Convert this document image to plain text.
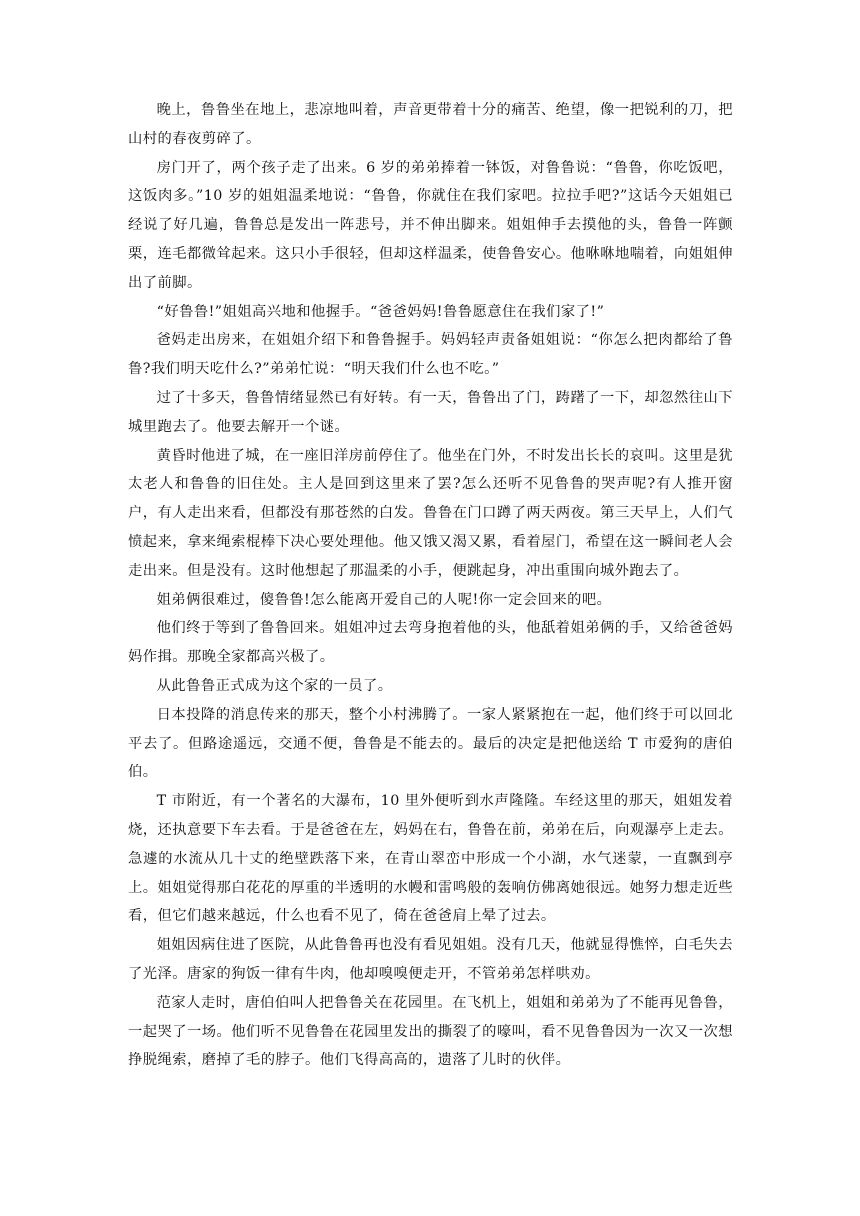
晚上，鲁鲁坐在地上，悲凉地叫着，声音更带着十分的痛苦、绝望，像一把锐利的刀，把山村的春夜剪碎了。

房门开了，两个孩子走了出来。6 岁的弟弟捧着一钵饭，对鲁鲁说：“鲁鲁，你吃饭吧，这饭肉多。”10 岁的姐姐温柔地说：“鲁鲁，你就住在我们家吧。拉拉手吧?”这话今天姐姐已经说了好几遍，鲁鲁总是发出一阵悲号，并不伸出脚来。姐姐伸手去摸他的头，鲁鲁一阵颤栗，连毛都微耸起来。这只小手很轻，但却这样温柔，使鲁鲁安心。他咻咻地喘着，向姐姐伸出了前脚。

“好鲁鲁!”姐姐高兴地和他握手。“爸爸妈妈!鲁鲁愿意住在我们家了!”

爸妈走出房来，在姐姐介绍下和鲁鲁握手。妈妈轻声责备姐姐说：“你怎么把肉都给了鲁鲁?我们明天吃什么?”弟弟忙说：“明天我们什么也不吃。”

过了十多天，鲁鲁情绪显然已有好转。有一天，鲁鲁出了门，踌躇了一下，却忽然往山下城里跑去了。他要去解开一个谜。

黄昏时他进了城，在一座旧洋房前停住了。他坐在门外，不时发出长长的哀叫。这里是犹太老人和鲁鲁的旧住处。主人是回到这里来了罢?怎么还听不见鲁鲁的哭声呢?有人推开窗户，有人走出来看，但都没有那苍然的白发。鲁鲁在门口蹲了两天两夜。第三天早上，人们气愤起来，拿来绳索棍棒下决心要处理他。他又饿又渴又累，看着屋门，希望在这一瞬间老人会走出来。但是没有。这时他想起了那温柔的小手，便跳起身，冲出重围向城外跑去了。

姐弟俩很难过，傻鲁鲁!怎么能离开爱自己的人呢!你一定会回来的吧。

他们终于等到了鲁鲁回来。姐姐冲过去弯身抱着他的头，他舐着姐弟俩的手，又给爸爸妈妈作揖。那晚全家都高兴极了。

从此鲁鲁正式成为这个家的一员了。

日本投降的消息传来的那天，整个小村沸腾了。一家人紧紧抱在一起，他们终于可以回北平去了。但路途遥远，交通不便，鲁鲁是不能去的。最后的决定是把他送给 T 市爱狗的唐伯伯。

T 市附近，有一个著名的大瀑布，10 里外便听到水声隆隆。车经这里的那天，姐姐发着烧，还执意要下车去看。于是爸爸在左，妈妈在右，鲁鲁在前，弟弟在后，向观瀑亭上走去。急遽的水流从几十丈的绝壁跌落下来，在青山翠峦中形成一个小湖，水气迷蒙，一直飘到亭上。姐姐觉得那白花花的厚重的半透明的水幔和雷鸣般的轰响仿佛离她很远。她努力想走近些看，但它们越来越远，什么也看不见了，倚在爸爸肩上晕了过去。

姐姐因病住进了医院，从此鲁鲁再也没有看见姐姐。没有几天，他就显得憔悴，白毛失去了光泽。唐家的狗饭一律有牛肉，他却嗅嗅便走开，不管弟弟怎样哄劝。

范家人走时，唐伯伯叫人把鲁鲁关在花园里。在飞机上，姐姐和弟弟为了不能再见鲁鲁，一起哭了一场。他们听不见鲁鲁在花园里发出的撕裂了的嚎叫，看不见鲁鲁因为一次又一次想挣脱绳索，磨掉了毛的脖子。他们飞得高高的，遗落了儿时的伙伴。
